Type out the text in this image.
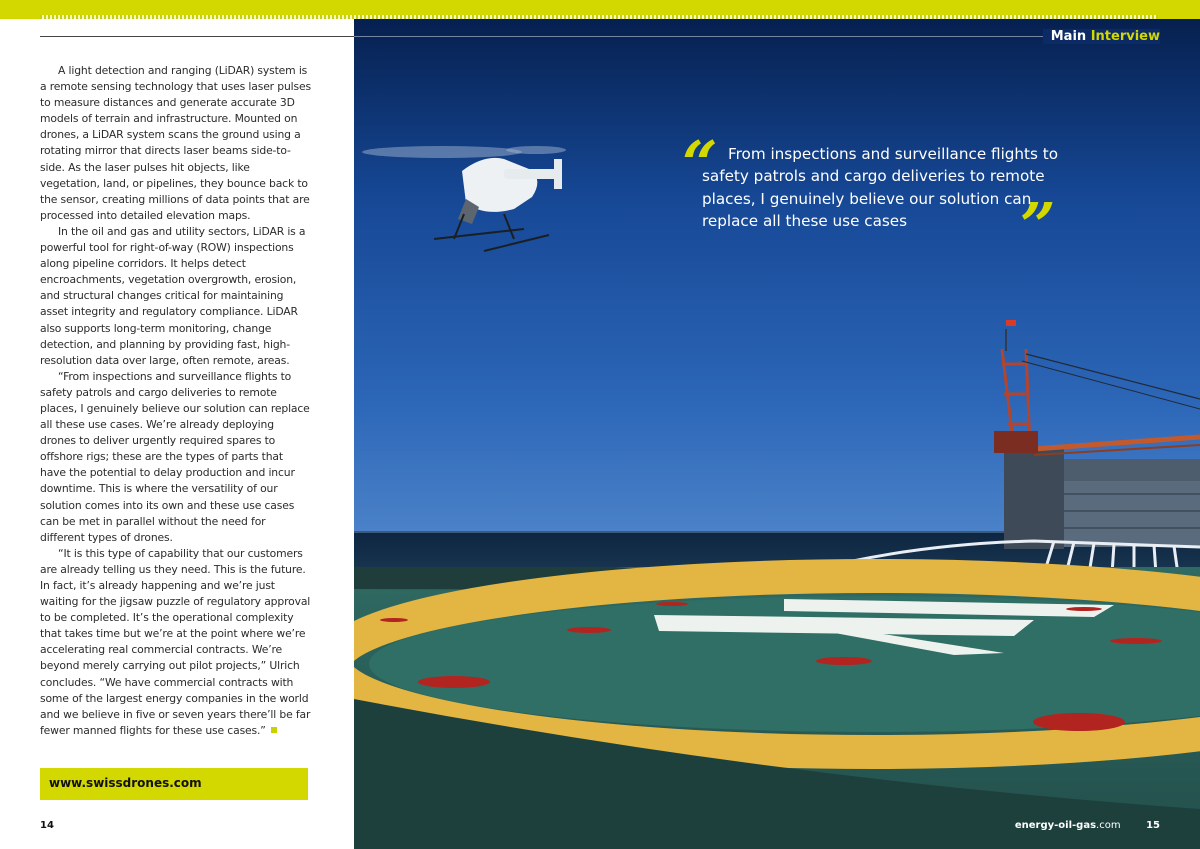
A light detection and ranging (LiDAR) system is a remote sensing technology that uses laser pulses to measure distances and generate accurate 3D models of terrain and infrastructure. Mounted on drones, a LiDAR system scans the ground using a rotating mirror that directs laser beams side-to-side. As the laser pulses hit objects, like vegetation, land, or pipelines, they bounce back to the sensor, creating millions of data points that are processed into detailed elevation maps.

In the oil and gas and utility sectors, LiDAR is a powerful tool for right-of-way (ROW) inspections along pipeline corridors. It helps detect encroachments, vegetation overgrowth, erosion, and structural changes critical for maintaining asset integrity and regulatory compliance. LiDAR also supports long-term monitoring, change detection, and planning by providing fast, high-resolution data over large, often remote, areas.

“From inspections and surveillance flights to safety patrols and cargo deliveries to remote places, I genuinely believe our solution can replace all these use cases. We’re already deploying drones to deliver urgently required spares to offshore rigs; these are the types of parts that have the potential to delay production and incur downtime. This is where the versatility of our solution comes into its own and these use cases can be met in parallel without the need for different types of drones.

“It is this type of capability that our customers are already telling us they need. This is the future. In fact, it’s already happening and we’re just waiting for the jigsaw puzzle of regulatory approval to be completed. It’s the operational complexity that takes time but we’re at the point where we’re accelerating real commercial contracts. We’re beyond merely carrying out pilot projects,” Ulrich concludes. “We have commercial contracts with some of the largest energy companies in the world and we believe in five or seven years there’ll be far fewer manned flights for these use cases.”

www.swissdrones.com
14
Main Interview
“ From inspections and surveillance flights to safety patrols and cargo deliveries to remote places, I genuinely believe our solution can replace all these use cases	”
energy-oil-gas.com	15
